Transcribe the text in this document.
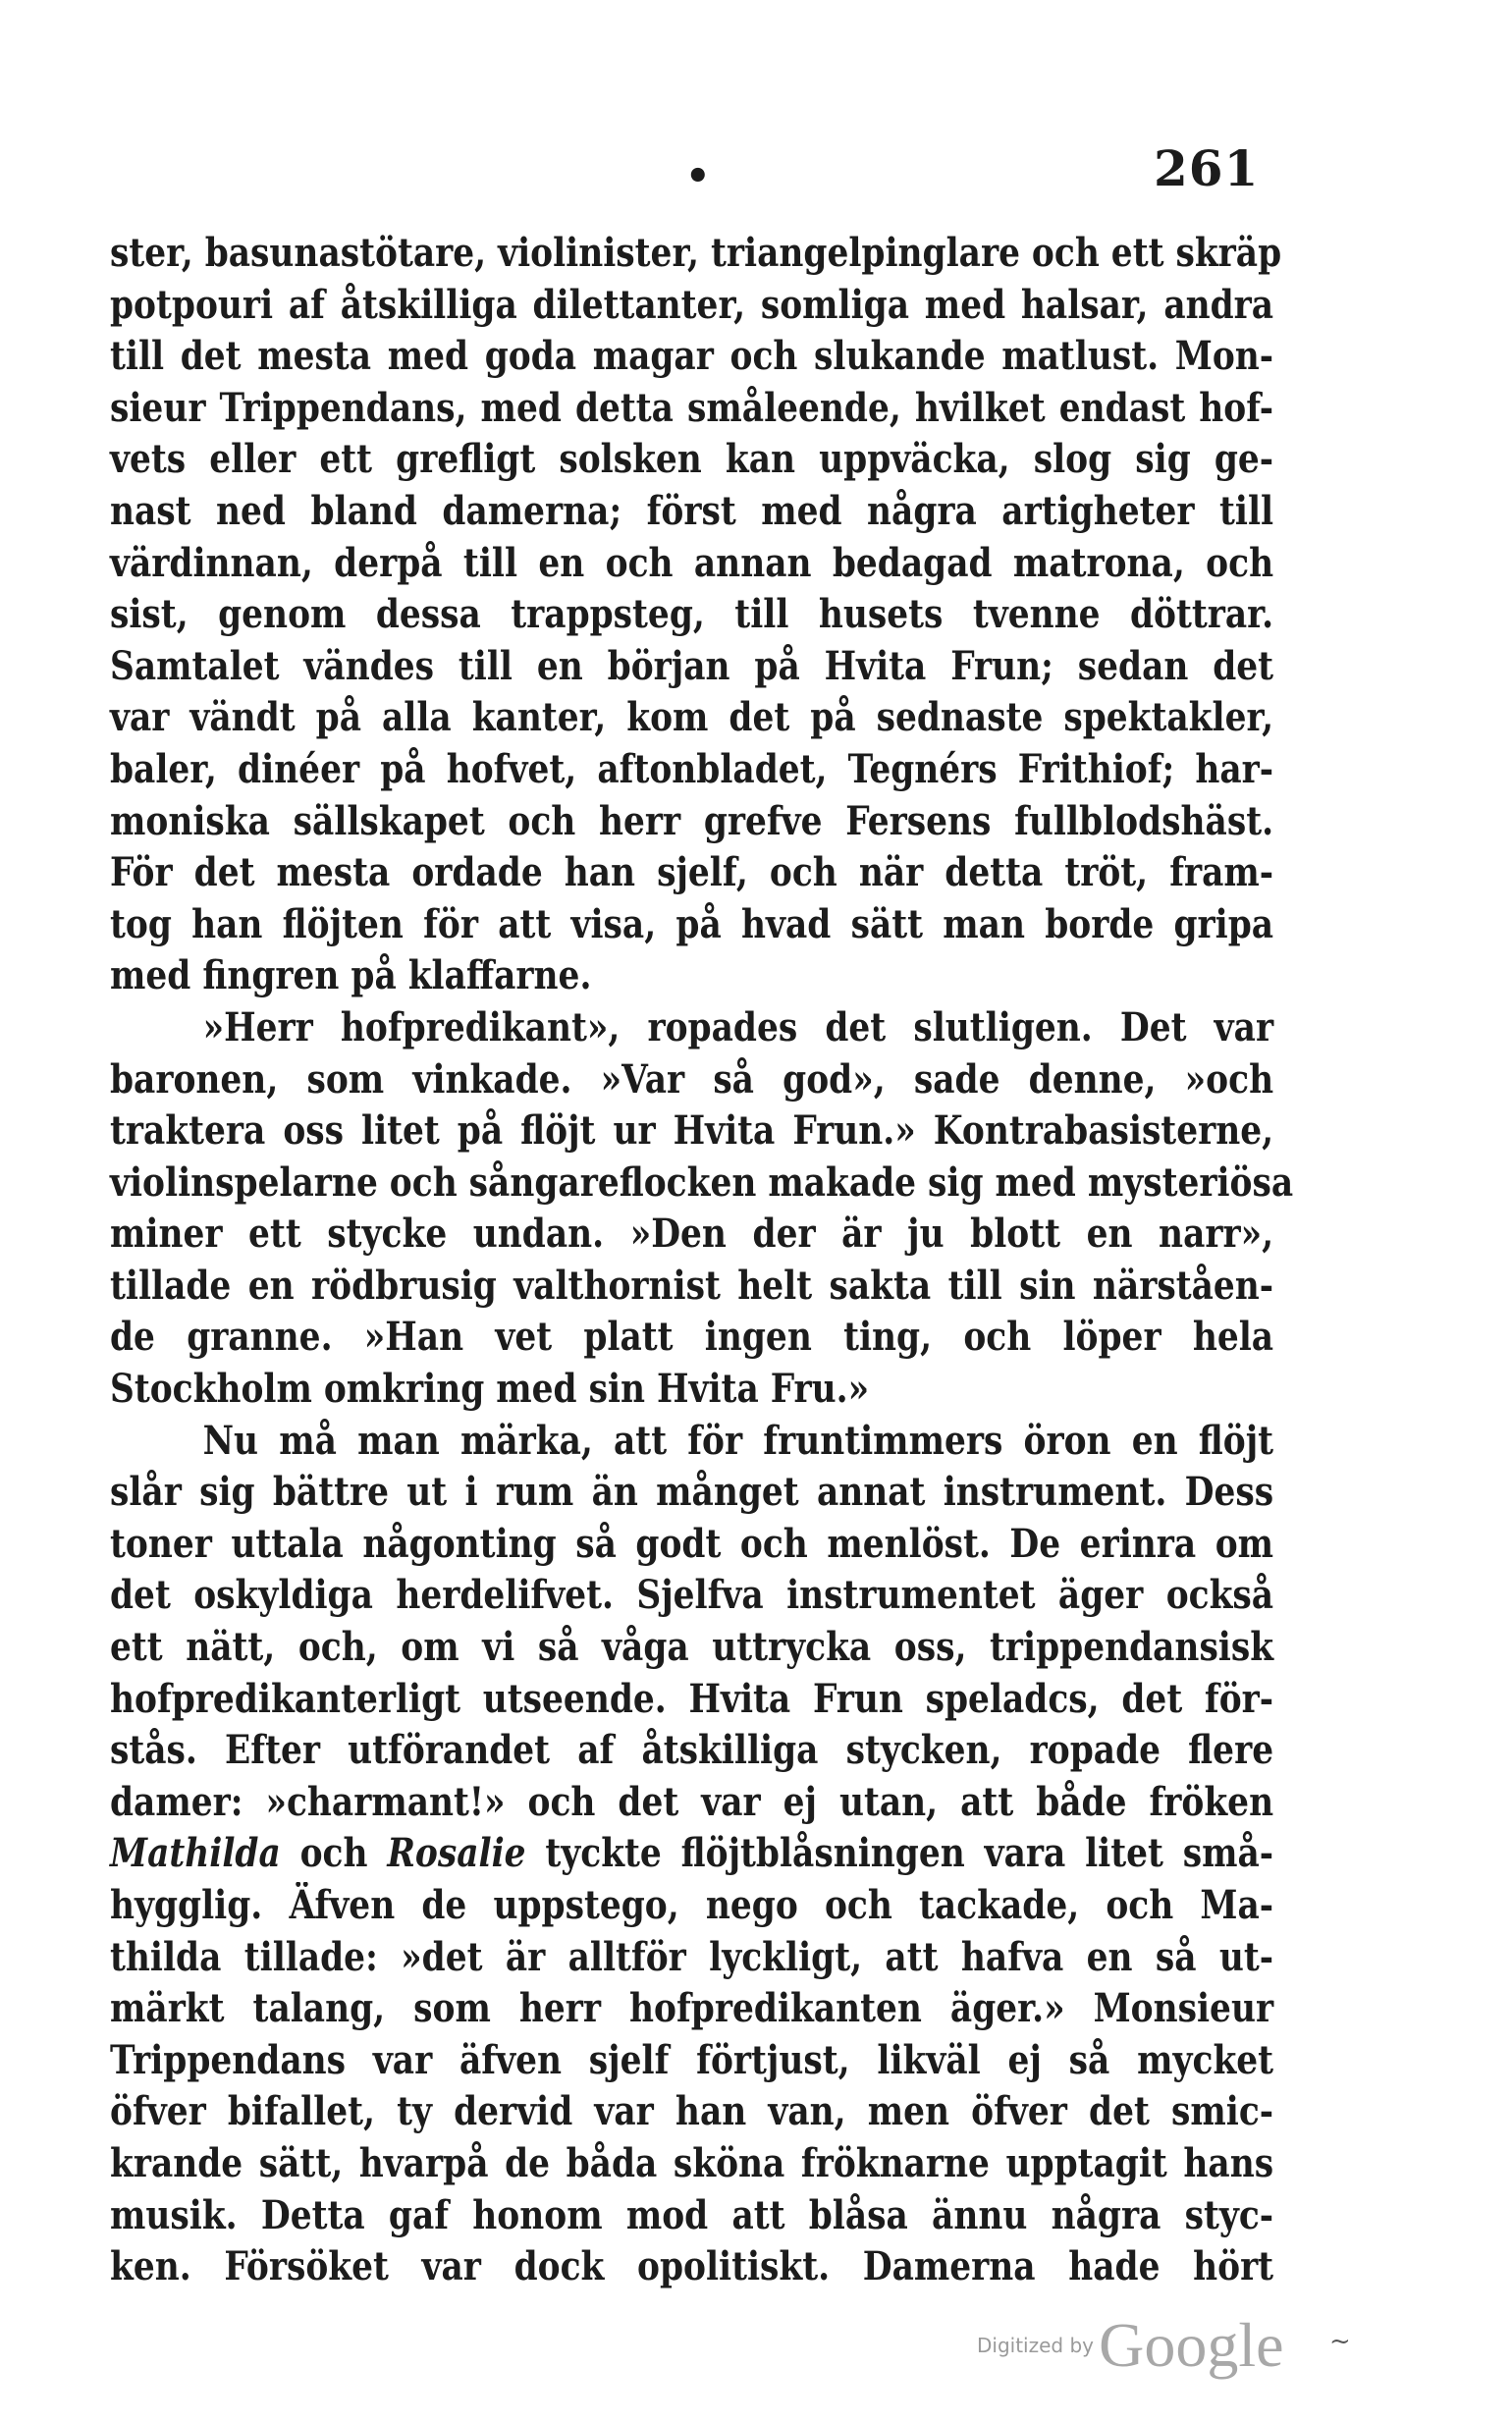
•	261
ster, basunastötare, violinister, triangelpinglare och ett skräp
potpouri af åtskilliga dilettanter, somliga med halsar, andra
till det mesta med goda magar och slukande matlust. Mon-
sieur Trippendans, med detta småleende, hvilket endast hof-
vets eller ett grefligt solsken kan uppväcka, slog sig ge-
nast ned bland damerna; först med några artigheter till
värdinnan, derpå till en och annan bedagad matrona, och
sist, genom dessa trappsteg, till husets tvenne döttrar.
Samtalet vändes till en början på Hvita Frun; sedan det
var vändt på alla kanter, kom det på sednaste spektakler,
baler, dinéer på hofvet, aftonbladet, Tegnérs Frithiof; har-
moniska sällskapet och herr grefve Fersens fullblodshäst.
För det mesta ordade han sjelf, och när detta tröt, fram-
tog han flöjten för att visa, på hvad sätt man borde gripa
med fingren på klaffarne.
»Herr hofpredikant», ropades det slutligen. Det var
baronen, som vinkade. »Var så god», sade denne, »och
traktera oss litet på flöjt ur Hvita Frun.» Kontrabasisterne,
violinspelarne och sångareflocken makade sig med mysteriösa
miner ett stycke undan. »Den der är ju blott en narr»,
tillade en rödbrusig valthornist helt sakta till sin närståen-
de granne. »Han vet platt ingen ting, och löper hela
Stockholm omkring med sin Hvita Fru.»
Nu må man märka, att för fruntimmers öron en flöjt
slår sig bättre ut i rum än månget annat instrument. Dess
toner uttala någonting så godt och menlöst. De erinra om
det oskyldiga herdelifvet. Sjelfva instrumentet äger också
ett nätt, och, om vi så våga uttrycka oss, trippendansisk
hofpredikanterligt utseende. Hvita Frun speladcs, det för-
stås. Efter utförandet af åtskilliga stycken, ropade flere
damer: »charmant!» och det var ej utan, att både fröken
Mathilda och Rosalie tyckte flöjtblåsningen vara litet små-
hygglig. Äfven de uppstego, nego och tackade, och Ma-
thilda tillade: »det är alltför lyckligt, att hafva en så ut-
märkt talang, som herr hofpredikanten äger.» Monsieur
Trippendans var äfven sjelf förtjust, likväl ej så mycket
öfver bifallet, ty dervid var han van, men öfver det smic-
krande sätt, hvarpå de båda sköna fröknarne upptagit hans
musik. Detta gaf honom mod att blåsa ännu några styc-
ken. Försöket var dock opolitiskt. Damerna hade hört
Digitized by Google ~
